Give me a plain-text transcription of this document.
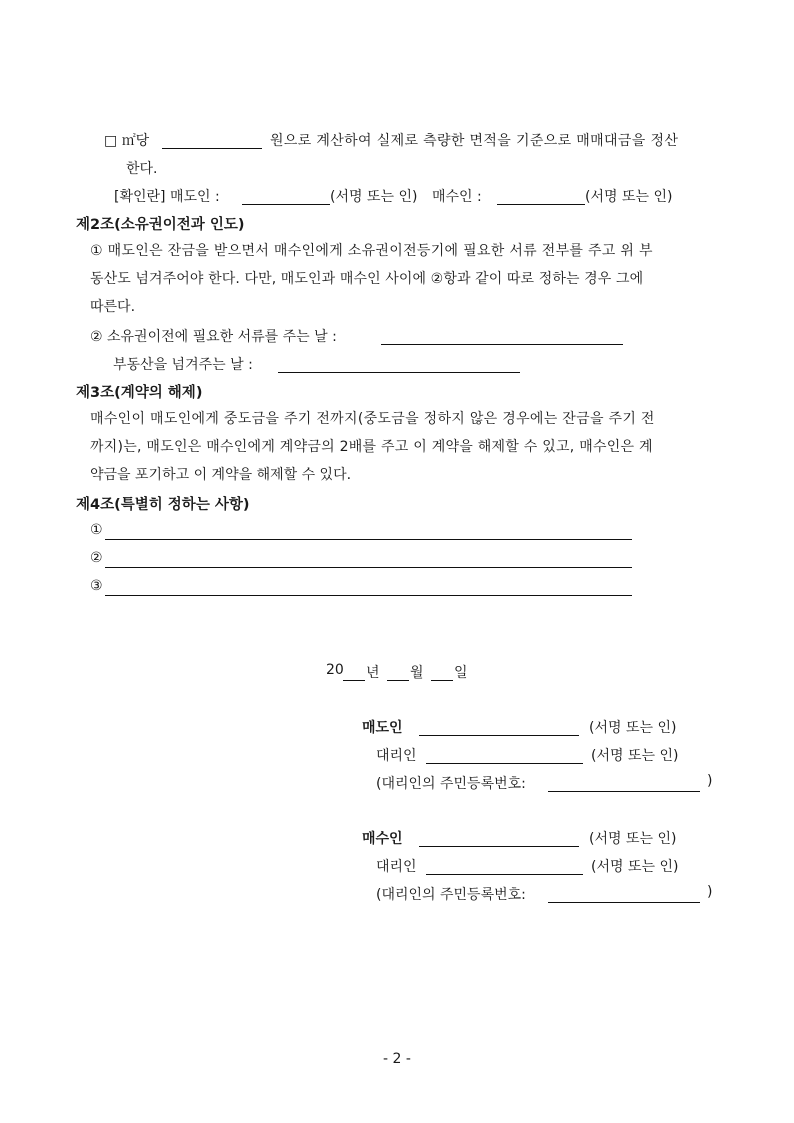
□ ㎡당	원으로 계산하여 실제로 측량한 면적을 기준으로 매매대금을 정산
한다.
[확인란] 매도인 :	(서명 또는 인) 매수인 :	(서명 또는 인)
제2조(소유권이전과 인도)
① 매도인은 잔금을 받으면서 매수인에게 소유권이전등기에 필요한 서류 전부를 주고 위 부
동산도 넘겨주어야 한다. 다만, 매도인과 매수인 사이에 ②항과 같이 따로 정하는 경우 그에
따른다.
② 소유권이전에 필요한 서류를 주는 날 :
부동산을 넘겨주는 날 :
제3조(계약의 해제)
매수인이 매도인에게 중도금을 주기 전까지(중도금을 정하지 않은 경우에는 잔금을 주기 전
까지)는, 매도인은 매수인에게 계약금의 2배를 주고 이 계약을 해제할 수 있고, 매수인은 계
약금을 포기하고 이 계약을 해제할 수 있다.
제4조(특별히 정하는 사항)
①
②
③
20 년 월 일
매도인	(서명 또는 인)
대리인	(서명 또는 인)
(대리인의 주민등록번호:	)
매수인	(서명 또는 인)
대리인	(서명 또는 인)
(대리인의 주민등록번호:	)
- 2 -
